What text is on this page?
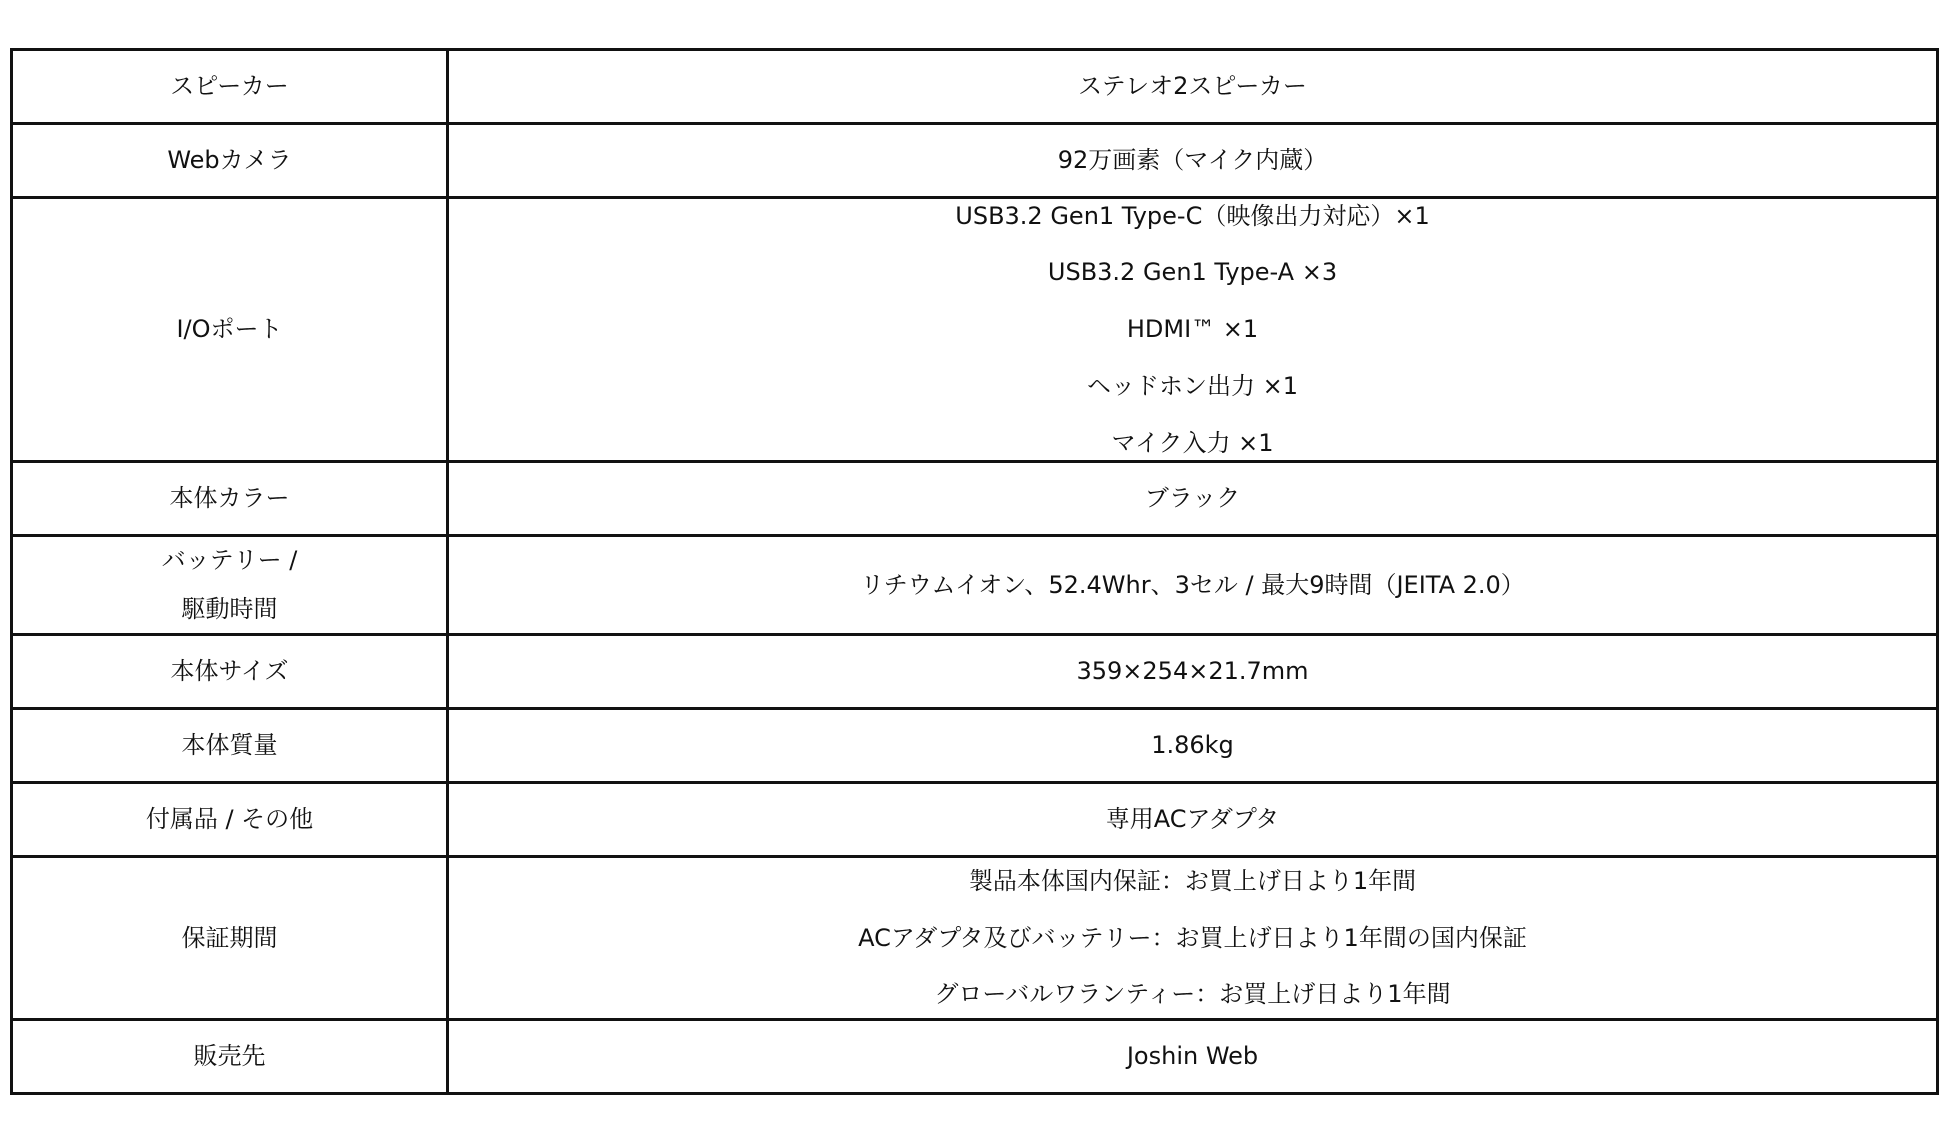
スピーカー	ステレオ2スピーカー

Webカメラ	92万画素（マイク内蔵）

I/Oポート	USB3.2 Gen1 Type-C（映像出力対応）×1
USB3.2 Gen1 Type-A ×3
HDMI™ ×1
ヘッドホン出力 ×1
マイク入力 ×1

本体カラー	ブラック

バッテリー /
駆動時間	リチウムイオン、52.4Whr、3セル / 最大9時間（JEITA 2.0）

本体サイズ	359×254×21.7mm

本体質量	1.86kg

付属品 / その他	専用ACアダプタ

保証期間	製品本体国内保証：お買上げ日より1年間
ACアダプタ及びバッテリー：お買上げ日より1年間の国内保証
グローバルワランティー：お買上げ日より1年間

販売先	Joshin Web
